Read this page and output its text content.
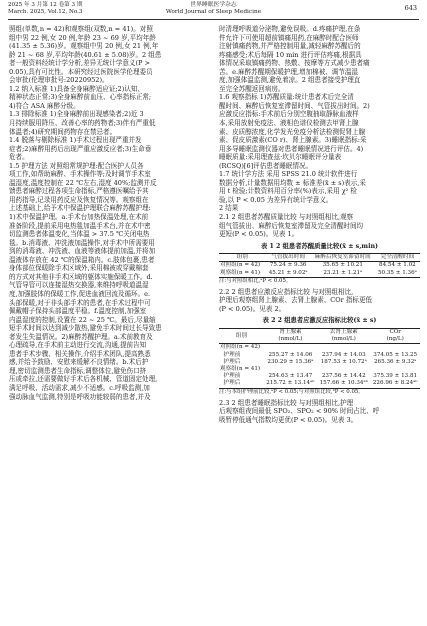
2025 年 3 月第 12 卷第 3 期
March. 2025, Vol.12, No.3
世界睡眠医学杂志
World Journal of Sleep Medicine
643
照组(单数,n = 42)和观察组(双数,n = 41)。对照
组中男 22 例,女 20 例,年龄 23 ~ 69 岁,平均年龄
(41.35 ± 5.36)岁。观察组中男 20 例,女 21 例,年
龄 21 ~ 68 岁,平均年龄(40.61 ± 5.08)岁。2 组患
者一般资料经统计学分析,差异无统计学意义(P >
0.05),具有可比性。本研究经过医院医学伦理委员
会审批(伦理审批号:20220952)。
1.2 纳入标准 1)具备全身麻醉适应证;2)认知、
精神状态正常;3)全身麻醉前血压、心率指标正常;
4)符合 ASA 麻醉分级。
1.3 排除标准 1)全身麻醉前出现感染者;2)近 3
月持续服用降压、改善心率的药物者;3)伴有严重低
体温者;4)研究期间药物存在禁忌者。
1.4 脱落与剔除标准 1)手术过程出现严重并发
症者;2)麻醉用药后出现严重应激反应者;3)生命垂
危者。
1.5 护理方法 对照组常规护理:配合医护人员各
项工作,如帮助麻醉、手术操作等;及时调节手术室
温湿度,温度控制在 22 ℃左右,湿度 40%;监测并反
馈患者麻醉过程各项生命指标,严格遵医嘱给予其
用药指导,记录用药反应及恢复情况等。观察组在
上述基础上,给予术中保温护理联合麻醉苏醒护理:
1)术中保温护理。a.手术台加热保温处理,在术前
准备阶段,提前采用电热毯加温手术台,并在术中密
切监测患者体温变化,当体温 > 37.5 ℃关闭电热
毯。b.消毒液、冲洗液加温操作,对手术中所需要用
到的消毒液、冲洗液、血液等液体提前加温,并将加
温液体存放在 42 ℃的保温箱内。c.肢体包裹,患者
身体部位保暖除手术区域外,采用棉被或穿戴棉套
的方式对其他非手术区域的躯体实施保暖工作。d.
气管导管可以连接湿热交换器,来维持呼吸道温湿
度,加强肢体的保暖工作,促进血液回流及循环。e.
头部保暖,对于非头部手术的患者,在手术过程中可
佩戴帽子保持头部温度平稳。f.温度控制,加强室
内温湿度的控制,设置在 22 ~ 25 ℃。最后,尽量缩
短手术时间以达到减少散热,避免手术时间过长导致患
者发生失温情况。2)麻醉苏醒护理。a.术前教育及
心理疏导,在手术前主动进行交流,沟通,提前告知
患者手术步骤、相关操作,介绍手术团队,提高熟悉
感,并给予鼓励、安慰来缓解不良情绪。b.术后护
理,密切监测患者生命指标,调整体位,避免伤口挤
压或牵拉,还需要做好手术后各机械、管道固定处理,
满足呼吸、活动需求,减少不适感。c.呼吸监测,加
强动脉血气监测,特别是呼吸功能较弱的患者,并及
时清理呼吸道分泌物,避免误吸。d.疼痛护理,在条
件允许下可使用超前镇痛用药,在麻醉时配合医师
注射镇痛药物,并严格控制用量,减轻麻醉苏醒后的
疼痛感受;术后每隔 10 min 进行评估疼痛,根据具
体情况采取镇痛药物、热敷、按摩等方式减少患者痛
苦。e.麻醉苏醒期保暖护理,增加棉被、调节温湿
度,加强体温监测,避免着凉。2 组患者接受护理直
至完全苏醒返回病房。
1.6 观察指标 1)苏醒质量:统计患者术后完全清
醒时间、麻醉后恢复室滞留时间、气管拔出时间。2)
应激反应指标:手术前后分别空腹抽取静脉血液样
本,采用放射免疫法、液相色谱仪检测去甲肾上腺
素、皮质醇浓度,化学发光免疫分析法检测促肾上腺
素、促皮质激素(CO r)、肾上腺素。3)睡眠指标:采
用多导睡眠监测仪器对患者睡眠情况进行评估。4)
睡眠质量:采用理查兹·坎贝尔睡眠评分量表
(RCSQ)[6]评估患者睡眠情况。
1.7 统计学方法 采用 SPSS 21.0 统计软件进行
数据分析,计量数据用均数 ± 标准差(x̄ ± s)表示,采
用 t 检验;计数资料用百分率(%)表示,采用 χ² 检
验,以 P < 0.05 为差异有统计学意义。
2 结果
2.1 2 组患者苏醒质量比较 与对照组相比,观察
组气管拔出、麻醉后恢复室滞留及完全清醒时间均
更短(P < 0.05)。见表 1。
表 1 2 组患者苏醒质量比较(x̄ ± s,min)
组别	气管拔出时间	麻醉后恢复室滞留时间	完全清醒时间
对照组(n = 42)	75.24 ± 9.36	35.65 ± 10.21	84.54 ± 1.02
观察组(n = 41)	45.21 ± 9.02ᵃ	23.21 ± 1.21ᵃ	50.35 ± 1.36ᵃ
注:与对照组相比,ᵃP < 0.05。
2.2 2 组患者应激反应指标比较 与对照组相比,
护理后观察组肾上腺素、去肾上腺素、COr 指标更低
(P < 0.05)。见表 2。
表 2 2 组患者应激反应指标比较(x̄ ± s)
组别	肾上腺素
(nmol/L)	去肾上腺素
(nmol/L)	COr
(ng/L)
对照组(n = 42)			
护理前	255.27 ± 14.06	237.94 ± 14.03	374.05 ± 13.25
护理后	230.29 ± 15.36ᵃ	187.53 ± 10.72ᵃ	265.36 ± 9.32ᵃ
观察组(n = 41)			
护理前	254.63 ± 13.47	237.56 ± 14.42	375.39 ± 13.81
护理后	215.72 ± 13.14ᵃᵇ	157.66 ± 10.34ᵃᵇ	226.96 ± 8.24ᵃᵇ
注:与本组护理前比较,ᵃP < 0.05;与对照组比较,ᵇP < 0.05。
2.3 2 组患者睡眠指标比较 与对照组相比,护理
后观察组夜间最低 SPO₂、SPO₂ < 90% 时间占比、呼
吸暂停低通气指数均更优(P < 0.05)。见表 3。
